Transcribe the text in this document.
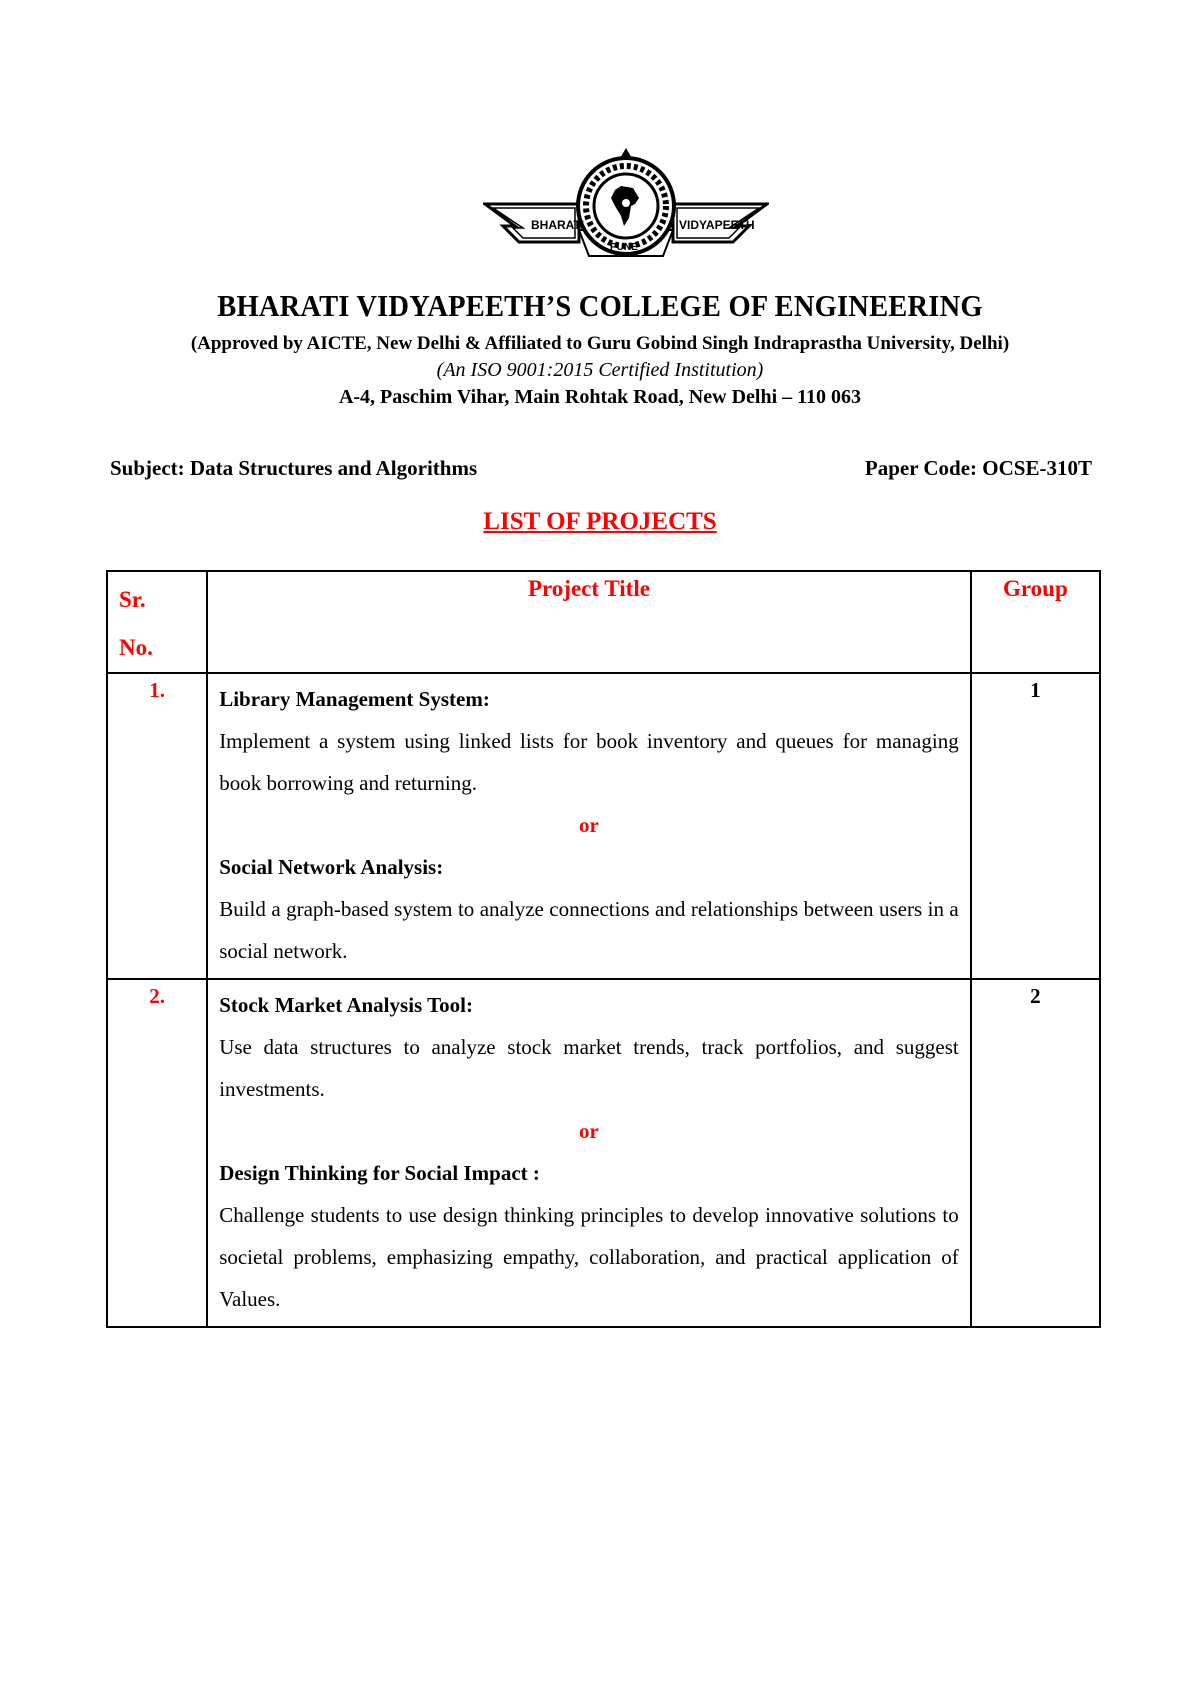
BHARATI	VIDYAPEETH
PUNE
BHARATI VIDYAPEETH’S COLLEGE OF ENGINEERING
(Approved by AICTE, New Delhi & Affiliated to Guru Gobind Singh Indraprastha University, Delhi)
(An ISO 9001:2015 Certified Institution)
A-4, Paschim Vihar, Main Rohtak Road, New Delhi – 110 063
Subject: Data Structures and Algorithms	Paper Code: OCSE-310T
LIST OF PROJECTS
Sr.
No.	Project Title	Group
1.	Library Management System:
Implement a system using linked lists for book inventory and queues for managing book borrowing and returning.
or
Social Network Analysis:
Build a graph-based system to analyze connections and relationships between users in a social network.	1
2.	Stock Market Analysis Tool:
Use data structures to analyze stock market trends, track portfolios, and suggest investments.
or
Design Thinking for Social Impact :
Challenge students to use design thinking principles to develop innovative solutions to societal problems, emphasizing empathy, collaboration, and practical application of Values.	2
